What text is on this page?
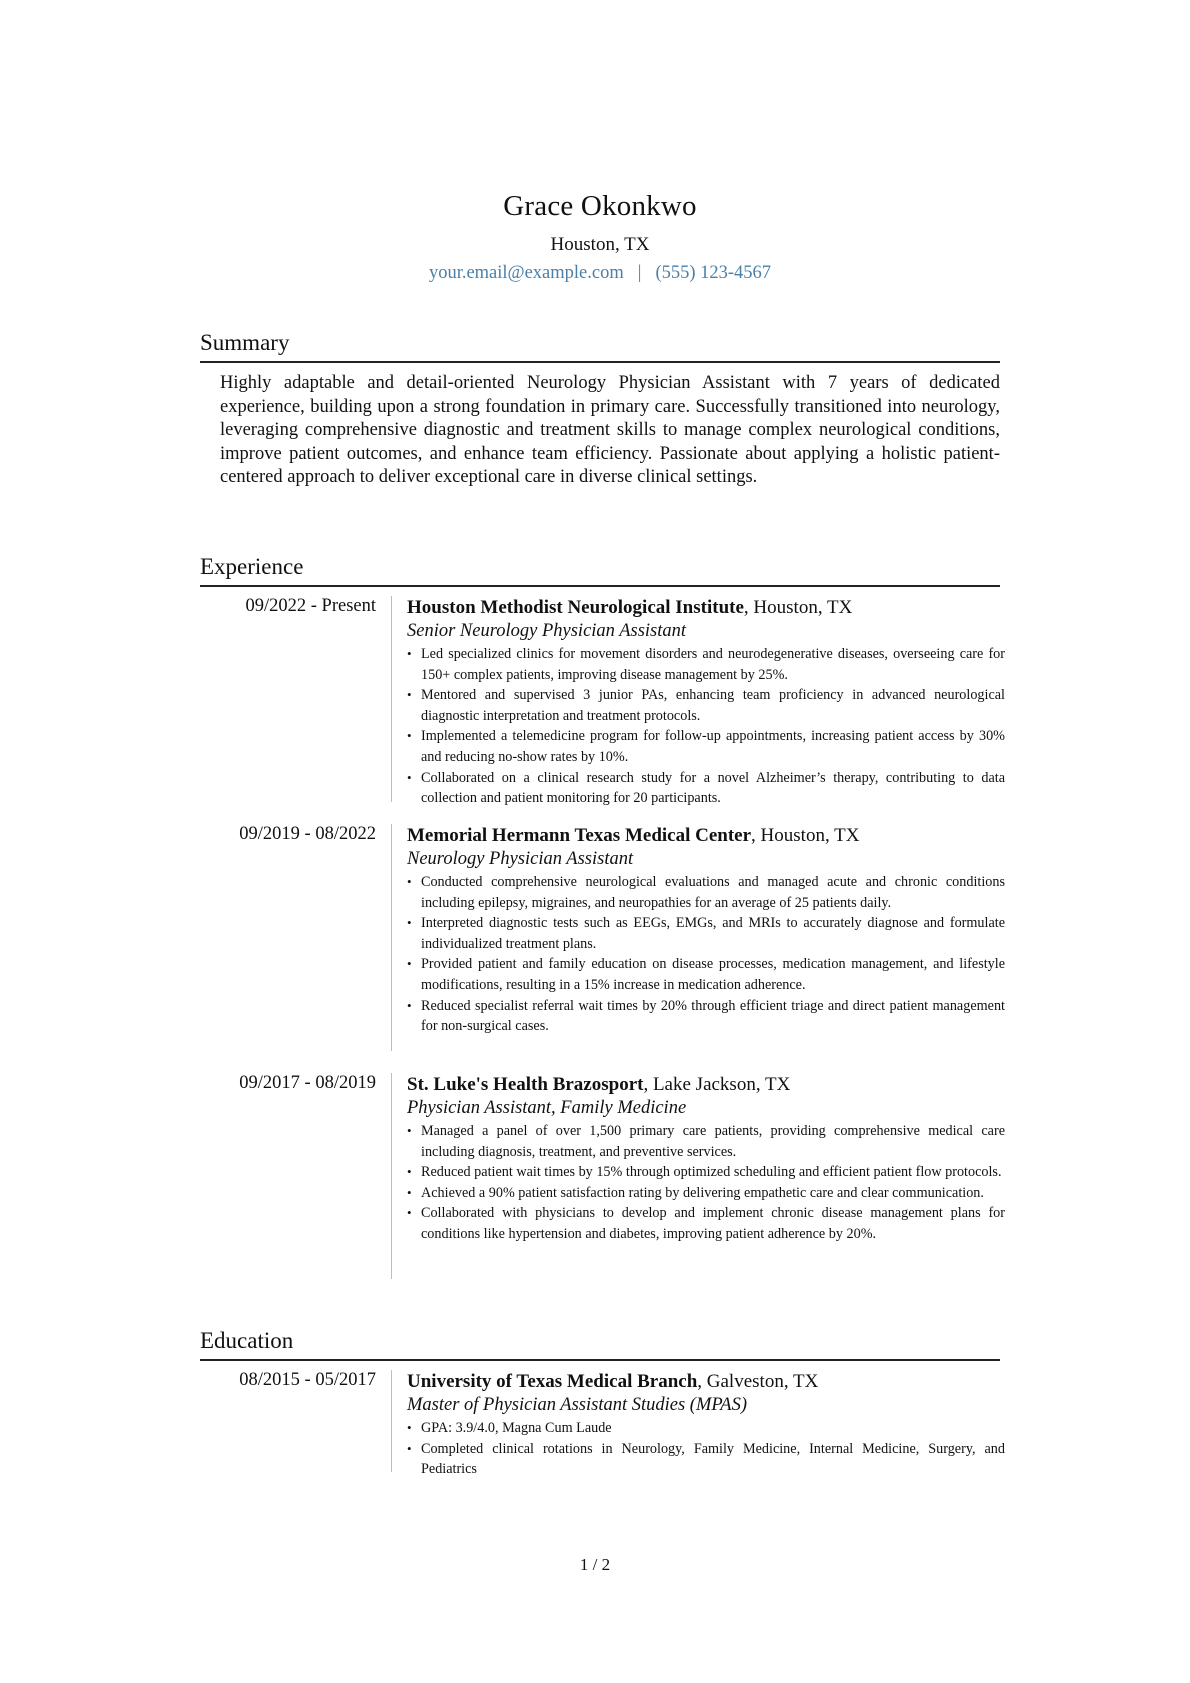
Grace Okonkwo
Houston, TX
your.email@example.com | (555) 123-4567
Summary
Highly adaptable and detail-oriented Neurology Physician Assistant with 7 years of dedicated experience, building upon a strong foundation in primary care. Successfully transitioned into neurology, leveraging comprehensive diagnostic and treatment skills to manage complex neurological conditions, improve patient outcomes, and enhance team efficiency. Passionate about applying a holistic patient-centered approach to deliver exceptional care in diverse clinical settings.
Experience
09/2022 - Present Houston Methodist Neurological Institute, Houston, TX
Senior Neurology Physician Assistant
• Led specialized clinics for movement disorders and neurodegenerative diseases, overseeing care for 150+ complex patients, improving disease management by 25%.
• Mentored and supervised 3 junior PAs, enhancing team proficiency in advanced neurological diagnostic interpretation and treatment protocols.
• Implemented a telemedicine program for follow-up appointments, increasing patient access by 30% and reducing no-show rates by 10%.
• Collaborated on a clinical research study for a novel Alzheimer’s therapy, contributing to data collection and patient monitoring for 20 participants.
09/2019 - 08/2022 Memorial Hermann Texas Medical Center, Houston, TX
Neurology Physician Assistant
• Conducted comprehensive neurological evaluations and managed acute and chronic conditions including epilepsy, migraines, and neuropathies for an average of 25 patients daily.
• Interpreted diagnostic tests such as EEGs, EMGs, and MRIs to accurately diagnose and formulate individualized treatment plans.
• Provided patient and family education on disease processes, medication management, and lifestyle modifications, resulting in a 15% increase in medication adherence.
• Reduced specialist referral wait times by 20% through efficient triage and direct patient management for non-surgical cases.
09/2017 - 08/2019 St. Luke's Health Brazosport, Lake Jackson, TX
Physician Assistant, Family Medicine
• Managed a panel of over 1,500 primary care patients, providing comprehensive medical care including diagnosis, treatment, and preventive services.
• Reduced patient wait times by 15% through optimized scheduling and efficient patient flow protocols.
• Achieved a 90% patient satisfaction rating by delivering empathetic care and clear communication.
• Collaborated with physicians to develop and implement chronic disease management plans for conditions like hypertension and diabetes, improving patient adherence by 20%.
Education
08/2015 - 05/2017 University of Texas Medical Branch, Galveston, TX
Master of Physician Assistant Studies (MPAS)
• GPA: 3.9/4.0, Magna Cum Laude
• Completed clinical rotations in Neurology, Family Medicine, Internal Medicine, Surgery, and Pediatrics
1 / 2
